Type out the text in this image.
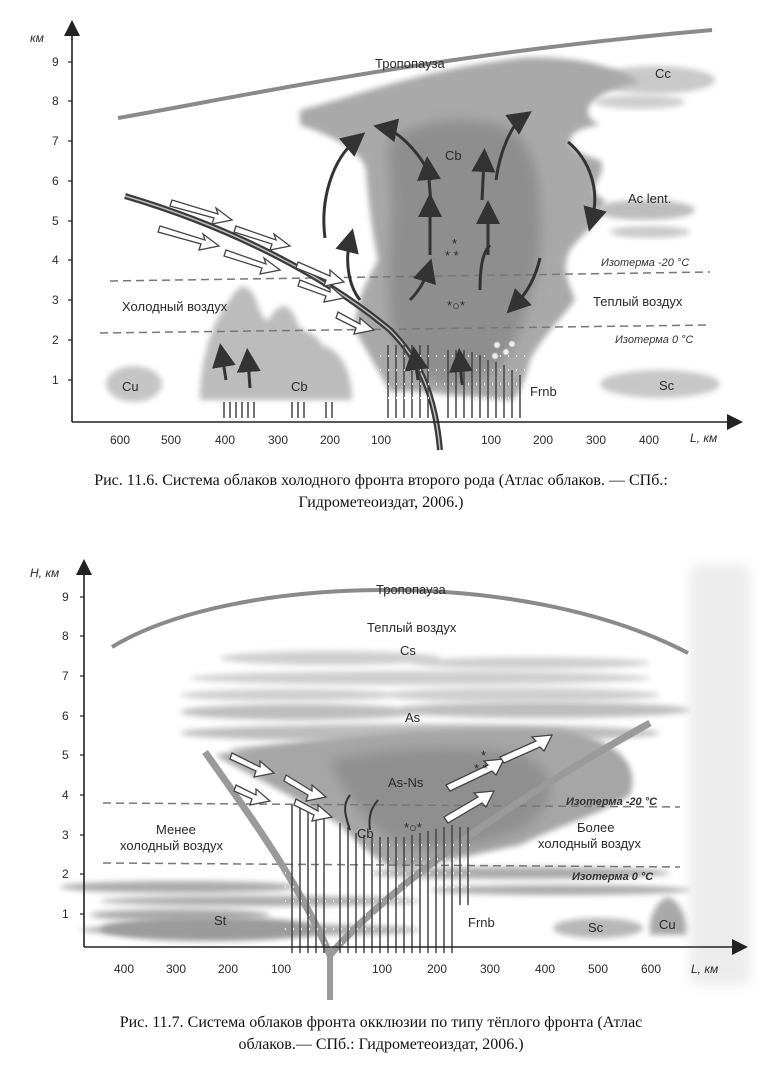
*
* *
*○*
км
1
2
3
4
5
6
7
8
9
600	500	400	300	200	100	100	200	300	400	L, км
Тропопауза
Cc
Cb
Ac lent.
Изотерма -20 °С
Изотерма 0 °С
Холодный воздух	Теплый воздух
Cu	Cb	Frnb	Sc
Рис. 11.6. Система облаков холодного фронта второго рода (Атлас облаков. — СПб.:
Гидрометеоиздат, 2006.)
*
* *
*○*
H, км
1
2
3
4
5
6
7
8
9
400	300	200	100	100	200	300	400	500	600 L, км
Тропопауза
Теплый воздух
Cs
As
As-Ns
Изотерма -20 °С
Изотерма 0 °С
Менее
холодный воздух
Более
холодный воздух
Cb
St	Frnb	Sc	Cu
Рис. 11.7. Система облаков фронта окклюзии по типу тёплого фронта (Атлас
облаков.— СПб.: Гидрометеоиздат, 2006.)
